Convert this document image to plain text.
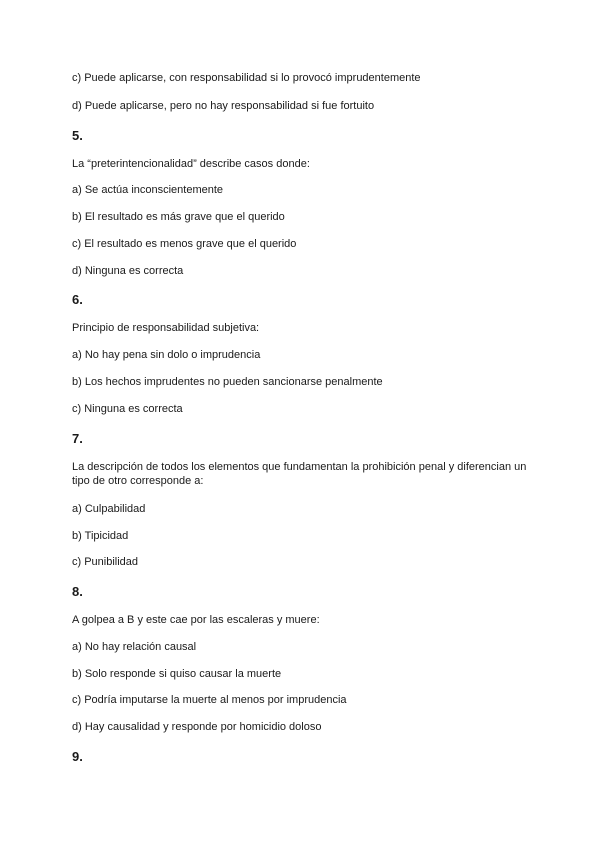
c) Puede aplicarse, con responsabilidad si lo provocó imprudentemente
d) Puede aplicarse, pero no hay responsabilidad si fue fortuito
5.
La “preterintencionalidad” describe casos donde:
a) Se actúa inconscientemente
b) El resultado es más grave que el querido
c) El resultado es menos grave que el querido
d) Ninguna es correcta
6.
Principio de responsabilidad subjetiva:
a) No hay pena sin dolo o imprudencia
b) Los hechos imprudentes no pueden sancionarse penalmente
c) Ninguna es correcta
7.
La descripción de todos los elementos que fundamentan la prohibición penal y diferencian un tipo de otro corresponde a:
a) Culpabilidad
b) Tipicidad
c) Punibilidad
8.
A golpea a B y este cae por las escaleras y muere:
a) No hay relación causal
b) Solo responde si quiso causar la muerte
c) Podría imputarse la muerte al menos por imprudencia
d) Hay causalidad y responde por homicidio doloso
9.
